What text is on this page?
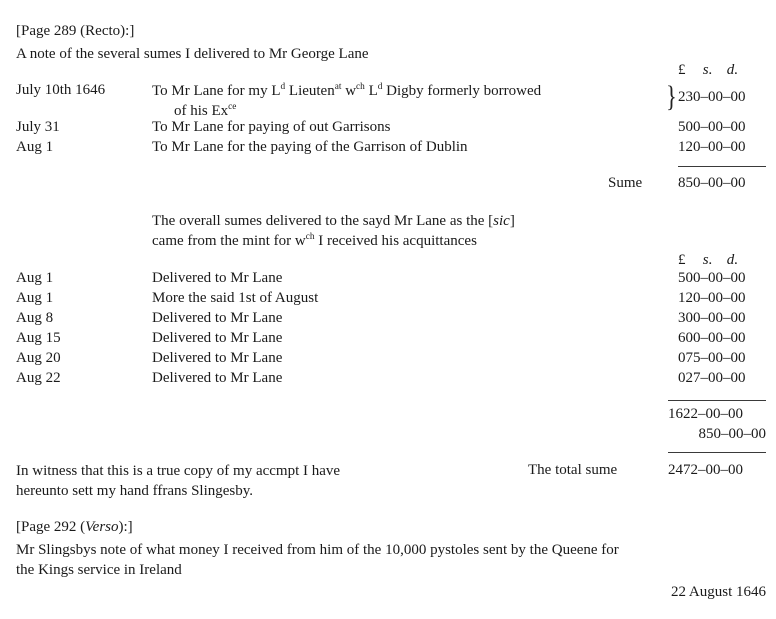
[Page 289 (Recto):]
A note of the several sumes I delivered to Mr George Lane
£ s. d.
July 10th 1646	To Mr Lane for my $L^d$ Lieuten$^{at}$ $w^{ch}$ $L^d$ Digby formerly borrowed
of his $Ex^{ce}$	} 230–00–00
July 31	To Mr Lane for paying of out Garrisons	500–00–00
Aug 1	To Mr Lane for the paying of the Garrison of Dublin	120–00–00
Sume 850–00–00
The overall sumes delivered to the sayd Mr Lane as the [sic]
came from the mint for $w^{ch}$ I received his acquittances
£ s. d.
Aug 1	Delivered to Mr Lane	500–00–00
Aug 1	More the said 1st of August	120–00–00
Aug 8	Delivered to Mr Lane	300–00–00
Aug 15	Delivered to Mr Lane	600–00–00
Aug 20	Delivered to Mr Lane	075–00–00
Aug 22	Delivered to Mr Lane	027–00–00
1622–00–00
850–00–00
In witness that this is a true copy of my accmpt I have
hereunto sett my hand ffrans Slingesby.
The total sume	2472–00–00
[Page 292 (Verso):]
Mr Slingsbys note of what money I received from him of the 10,000 pystoles sent by the Queene for
the Kings service in Ireland
22 August 1646
